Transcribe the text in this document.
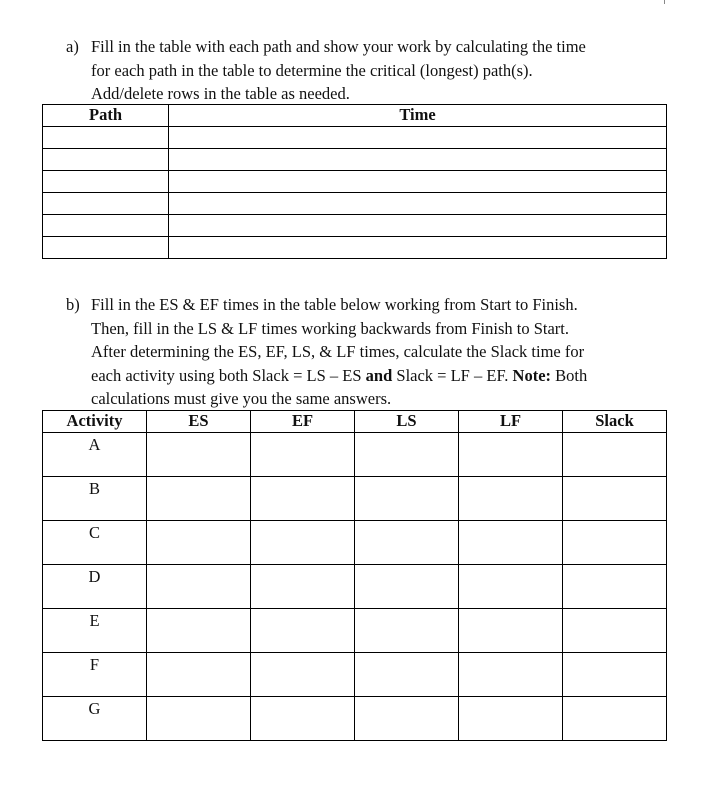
a) Fill in the table with each path and show your work by calculating the time
for each path in the table to determine the critical (longest) path(s).
Add/delete rows in the table as needed.
Path	Time

b) Fill in the ES & EF times in the table below working from Start to Finish.
Then, fill in the LS & LF times working backwards from Finish to Start.
After determining the ES, EF, LS, & LF times, calculate the Slack time for
each activity using both Slack = LS – ES and Slack = LF – EF. Note: Both
calculations must give you the same answers.
Activity	ES	EF	LS	LF	Slack
A					
B					
C					
D					
E					
F					
G					
